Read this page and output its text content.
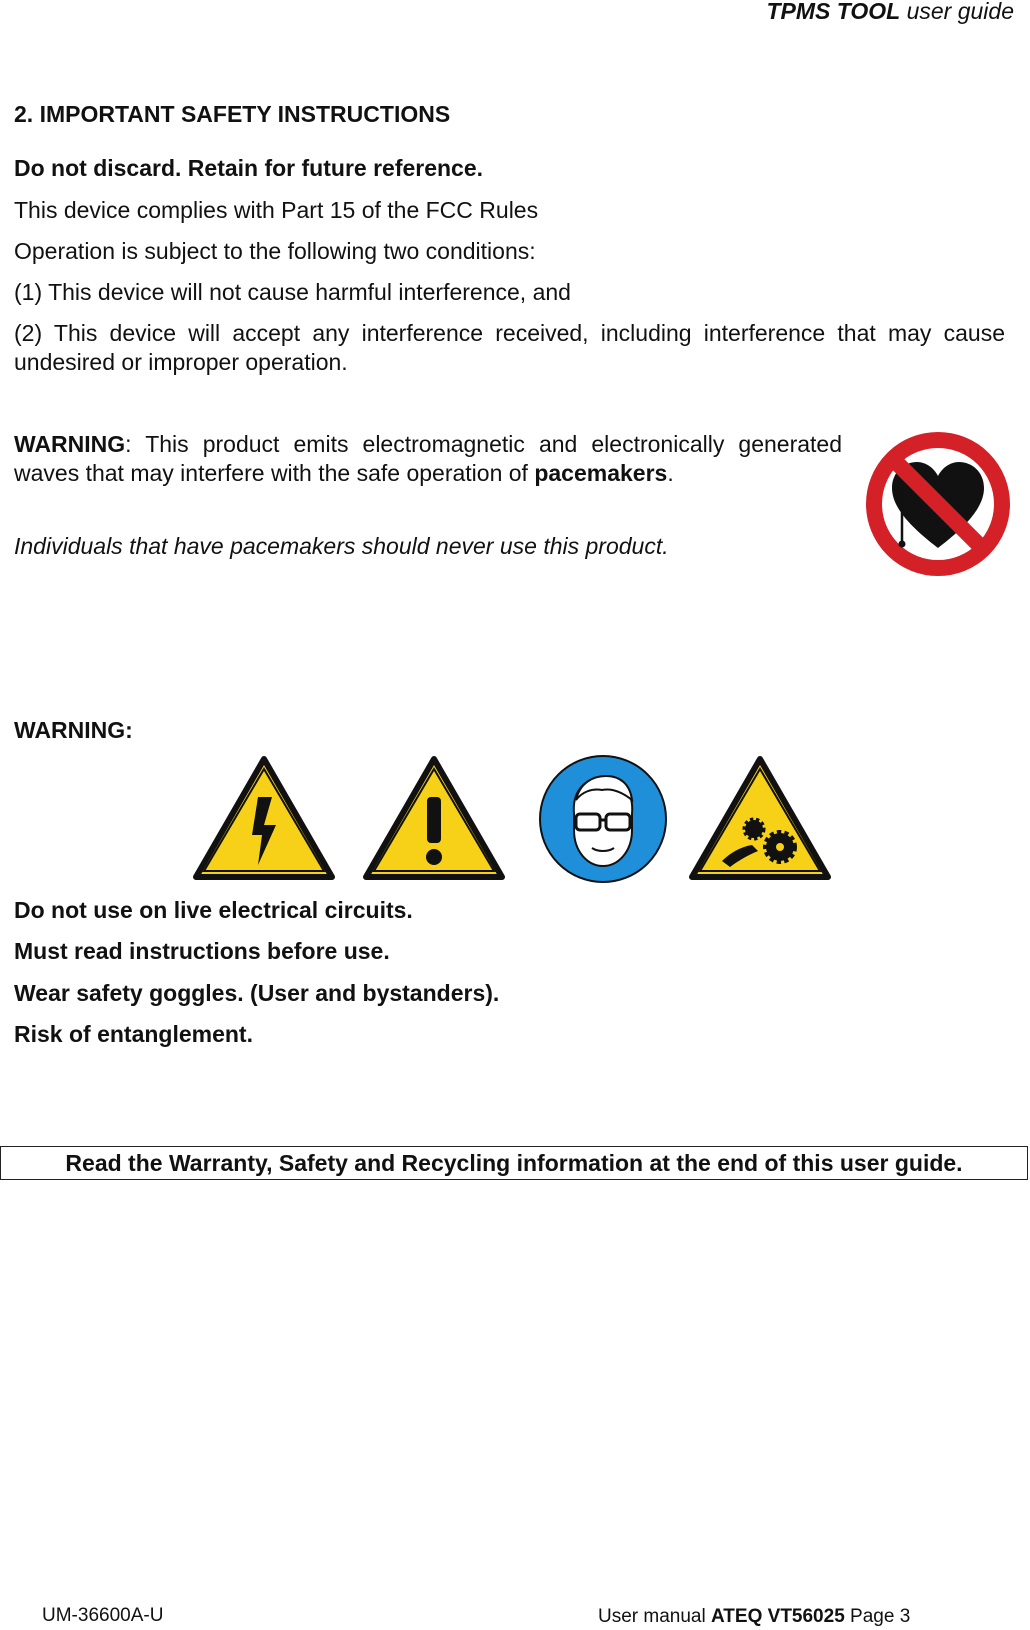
TPMS TOOL user guide
2. IMPORTANT SAFETY INSTRUCTIONS
Do not discard. Retain for future reference.
This device complies with Part 15 of the FCC Rules
Operation is subject to the following two conditions:
(1) This device will not cause harmful interference, and
(2) This device will accept any interference received, including interference that may cause undesired or improper operation.
WARNING: This product emits electromagnetic and electronically generated waves that may interfere with the safe operation of pacemakers.
Individuals that have pacemakers should never use this product.
WARNING:
Do not use on live electrical circuits.
Must read instructions before use.
Wear safety goggles. (User and bystanders).
Risk of entanglement.
Read the Warranty, Safety and Recycling information at the end of this user guide.
UM-36600A-U	User manual ATEQ VT56025 Page 3
